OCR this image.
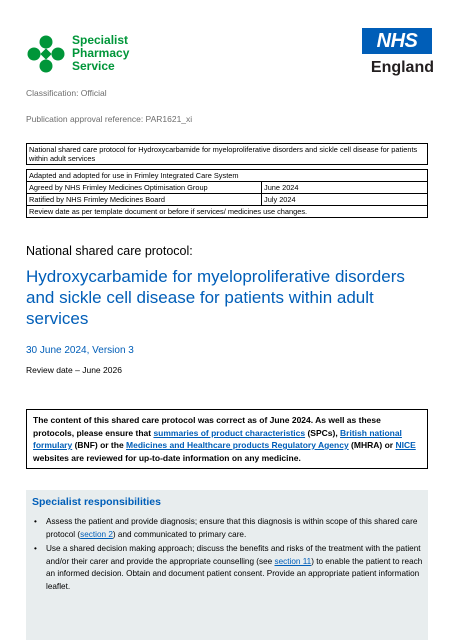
Specialist
Pharmacy
Service
NHS
England
Classification: Official
Publication approval reference: PAR1621_xi
National shared care protocol for Hydroxycarbamide for myeloproliferative disorders and sickle cell disease for patients within adult services
Adapted and adopted for use in Frimley Integrated Care System	
Agreed by NHS Frimley Medicines Optimisation Group	June 2024
Ratified by NHS Frimley Medicines Board	July 2024
Review date as per template document or before if services/ medicines use changes.	
National shared care protocol:
Hydroxycarbamide for myeloproliferative disorders and sickle cell disease for patients within adult services
30 June 2024, Version 3
Review date – June 2026
The content of this shared care protocol was correct as of June 2024. As well as these protocols, please ensure that summaries of product characteristics (SPCs), British national formulary (BNF) or the Medicines and Healthcare products Regulatory Agency (MHRA) or NICE websites are reviewed for up-to-date information on any medicine.
Specialist responsibilities
• Assess the patient and provide diagnosis; ensure that this diagnosis is within scope of this shared care protocol (section 2) and communicated to primary care.
• Use a shared decision making approach; discuss the benefits and risks of the treatment with the patient and/or their carer and provide the appropriate counselling (see section 11) to enable the patient to reach an informed decision. Obtain and document patient consent. Provide an appropriate patient information leaflet.
